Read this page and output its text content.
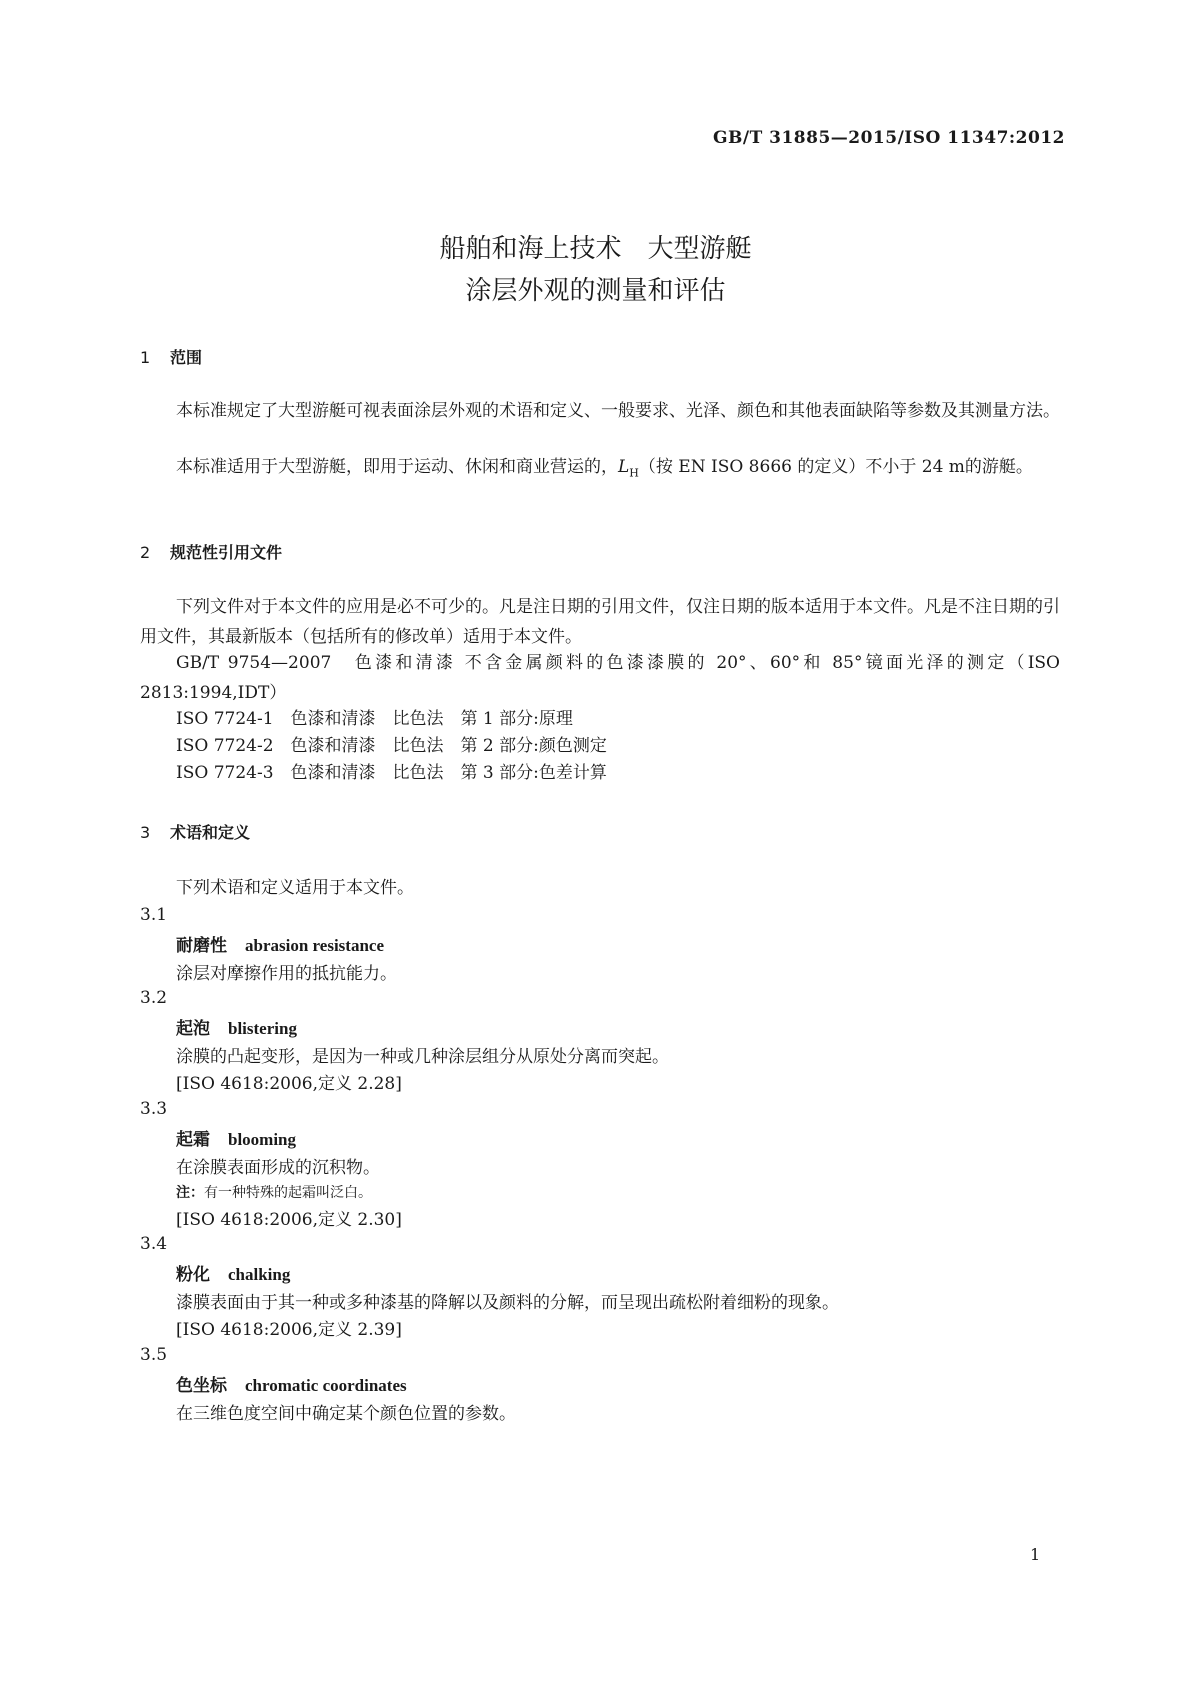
GB/T 31885—2015/ISO 11347:2012
船舶和海上技术　大型游艇
涂层外观的测量和评估
1 范围
本标准规定了大型游艇可视表面涂层外观的术语和定义、一般要求、光泽、颜色和其他表面缺陷等参数及其测量方法。
本标准适用于大型游艇，即用于运动、休闲和商业营运的，$L_H$（按 EN ISO 8666 的定义）不小于 24 m的游艇。
2 规范性引用文件
下列文件对于本文件的应用是必不可少的。凡是注日期的引用文件，仅注日期的版本适用于本文件。凡是不注日期的引用文件，其最新版本（包括所有的修改单）适用于本文件。
GB/T 9754—2007　色漆和清漆 不含金属颜料的色漆漆膜的 20°、60°和 85°镜面光泽的测定（ISO 2813:1994,IDT）
ISO 7724-1　色漆和清漆　比色法　第 1 部分:原理
ISO 7724-2　色漆和清漆　比色法　第 2 部分:颜色测定
ISO 7724-3　色漆和清漆　比色法　第 3 部分:色差计算
3 术语和定义
下列术语和定义适用于本文件。
3.1
耐磨性 abrasion resistance
涂层对摩擦作用的抵抗能力。
3.2
起泡 blistering
涂膜的凸起变形，是因为一种或几种涂层组分从原处分离而突起。
[ISO 4618:2006,定义 2.28]
3.3
起霜 blooming
在涂膜表面形成的沉积物。
注：有一种特殊的起霜叫泛白。
[ISO 4618:2006,定义 2.30]
3.4
粉化 chalking
漆膜表面由于其一种或多种漆基的降解以及颜料的分解，而呈现出疏松附着细粉的现象。
[ISO 4618:2006,定义 2.39]
3.5
色坐标 chromatic coordinates
在三维色度空间中确定某个颜色位置的参数。
1
